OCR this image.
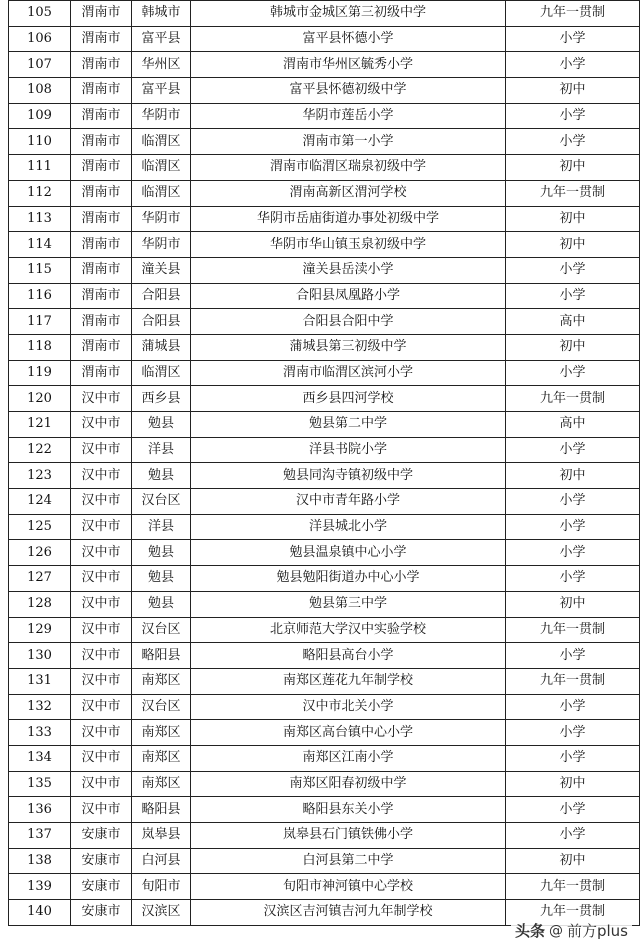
105	渭南市	韩城市	韩城市金城区第三初级中学	九年一贯制
106	渭南市	富平县	富平县怀德小学	小学
107	渭南市	华州区	渭南市华州区毓秀小学	小学
108	渭南市	富平县	富平县怀德初级中学	初中
109	渭南市	华阴市	华阴市莲岳小学	小学
110	渭南市	临渭区	渭南市第一小学	小学
111	渭南市	临渭区	渭南市临渭区瑞泉初级中学	初中
112	渭南市	临渭区	渭南高新区渭河学校	九年一贯制
113	渭南市	华阴市	华阴市岳庙街道办事处初级中学	初中
114	渭南市	华阴市	华阴市华山镇玉泉初级中学	初中
115	渭南市	潼关县	潼关县岳渎小学	小学
116	渭南市	合阳县	合阳县凤凰路小学	小学
117	渭南市	合阳县	合阳县合阳中学	高中
118	渭南市	蒲城县	蒲城县第三初级中学	初中
119	渭南市	临渭区	渭南市临渭区滨河小学	小学
120	汉中市	西乡县	西乡县四河学校	九年一贯制
121	汉中市	勉县	勉县第二中学	高中
122	汉中市	洋县	洋县书院小学	小学
123	汉中市	勉县	勉县同沟寺镇初级中学	初中
124	汉中市	汉台区	汉中市青年路小学	小学
125	汉中市	洋县	洋县城北小学	小学
126	汉中市	勉县	勉县温泉镇中心小学	小学
127	汉中市	勉县	勉县勉阳街道办中心小学	小学
128	汉中市	勉县	勉县第三中学	初中
129	汉中市	汉台区	北京师范大学汉中实验学校	九年一贯制
130	汉中市	略阳县	略阳县高台小学	小学
131	汉中市	南郑区	南郑区莲花九年制学校	九年一贯制
132	汉中市	汉台区	汉中市北关小学	小学
133	汉中市	南郑区	南郑区高台镇中心小学	小学
134	汉中市	南郑区	南郑区江南小学	小学
135	汉中市	南郑区	南郑区阳春初级中学	初中
136	汉中市	略阳县	略阳县东关小学	小学
137	安康市	岚皋县	岚皋县石门镇铁佛小学	小学
138	安康市	白河县	白河县第二中学	初中
139	安康市	旬阳市	旬阳市神河镇中心学校	九年一贯制
140	安康市	汉滨区	汉滨区吉河镇吉河九年制学校	九年一贯制
头条 @ 前方plus
